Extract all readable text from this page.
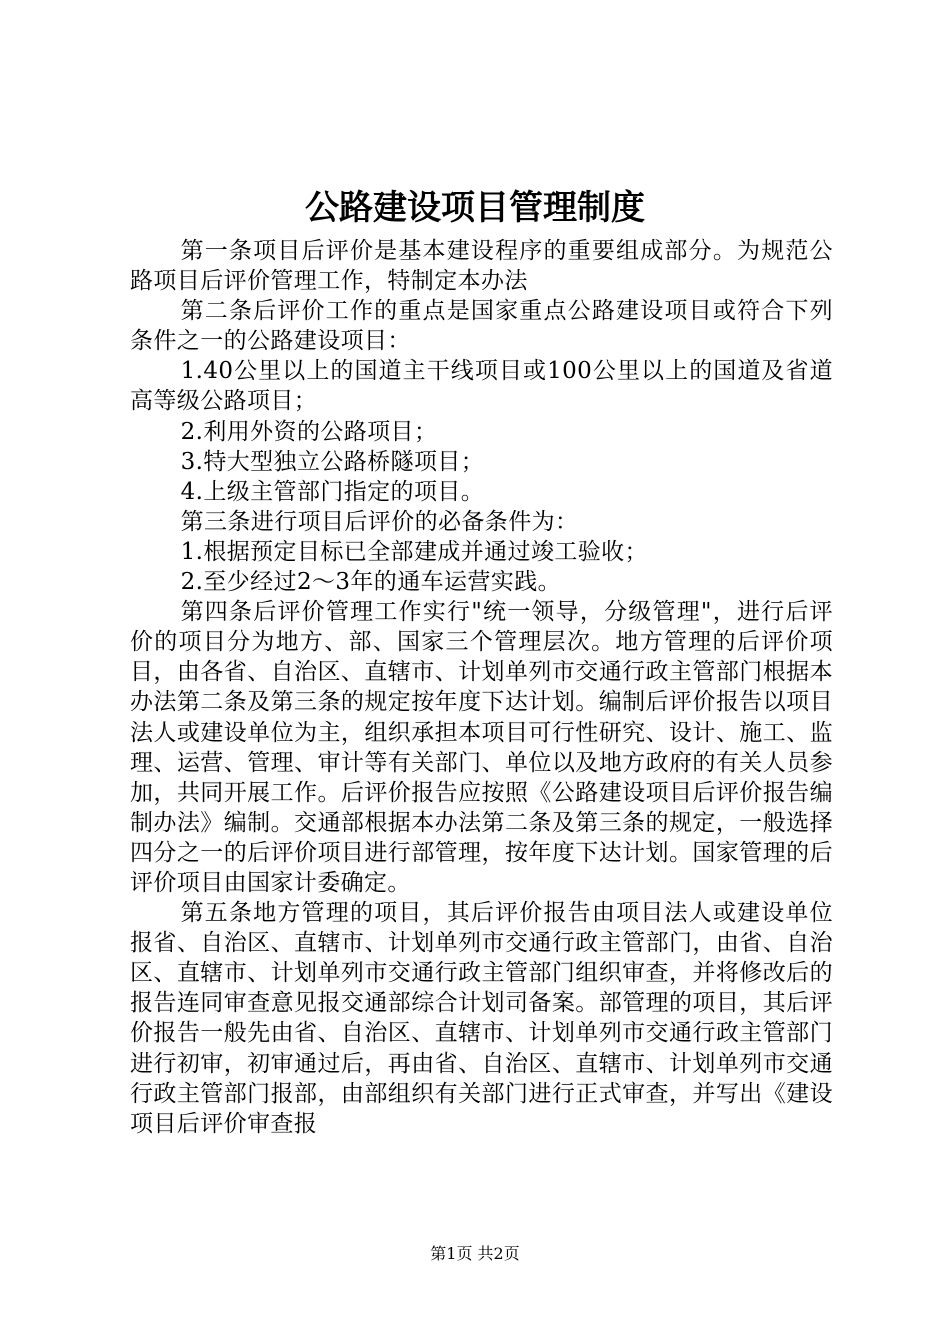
公路建设项目管理制度

第一条项目后评价是基本建设程序的重要组成部分。为规范公路项目后评价管理工作，特制定本办法

第二条后评价工作的重点是国家重点公路建设项目或符合下列条件之一的公路建设项目：

1.40公里以上的国道主干线项目或100公里以上的国道及省道高等级公路项目；

2.利用外资的公路项目；

3.特大型独立公路桥隧项目；

4.上级主管部门指定的项目。

第三条进行项目后评价的必备条件为：

1.根据预定目标已全部建成并通过竣工验收；

2.至少经过2～3年的通车运营实践。

第四条后评价管理工作实行"统一领导，分级管理"，进行后评价的项目分为地方、部、国家三个管理层次。地方管理的后评价项目，由各省、自治区、直辖市、计划单列市交通行政主管部门根据本办法第二条及第三条的规定按年度下达计划。编制后评价报告以项目法人或建设单位为主，组织承担本项目可行性研究、设计、施工、监理、运营、管理、审计等有关部门、单位以及地方政府的有关人员参加，共同开展工作。后评价报告应按照《公路建设项目后评价报告编制办法》编制。交通部根据本办法第二条及第三条的规定，一般选择四分之一的后评价项目进行部管理，按年度下达计划。国家管理的后评价项目由国家计委确定。

第五条地方管理的项目，其后评价报告由项目法人或建设单位报省、自治区、直辖市、计划单列市交通行政主管部门，由省、自治区、直辖市、计划单列市交通行政主管部门组织审查，并将修改后的报告连同审查意见报交通部综合计划司备案。部管理的项目，其后评价报告一般先由省、自治区、直辖市、计划单列市交通行政主管部门进行初审，初审通过后，再由省、自治区、直辖市、计划单列市交通行政主管部门报部，由部组织有关部门进行正式审查，并写出《建设项目后评价审查报

第1页 共2页
